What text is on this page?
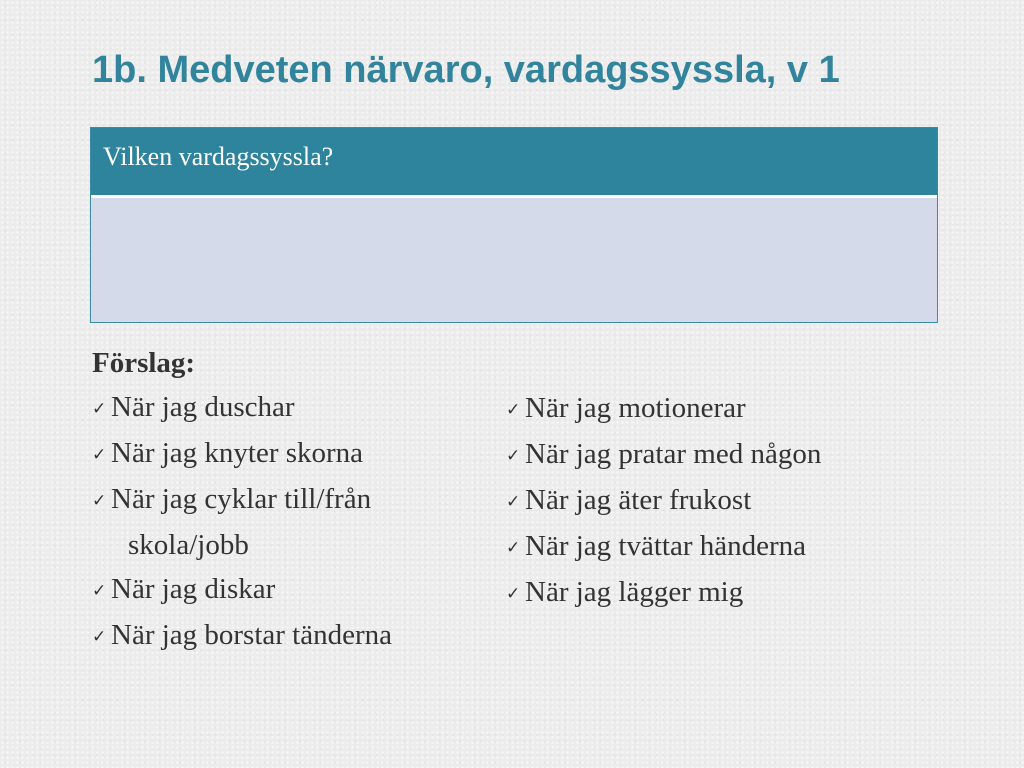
1b. Medveten närvaro, vardagssyssla, v 1
Vilken vardagssyssla?
Förslag:
✓ När jag duschar
✓ När jag knyter skorna
✓ När jag cyklar till/från
skola/jobb
✓ När jag diskar
✓ När jag borstar tänderna
✓ När jag motionerar
✓ När jag pratar med någon
✓ När jag äter frukost
✓ När jag tvättar händerna
✓ När jag lägger mig
